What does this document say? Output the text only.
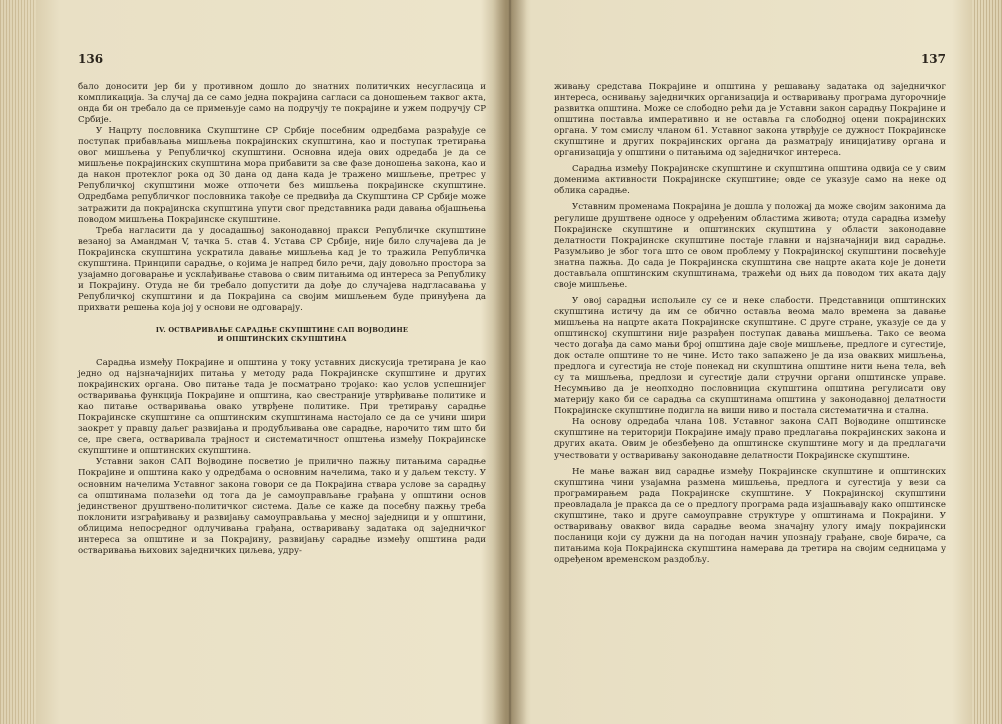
136

бало доносити јер би у противном дошло до знатних политичких несугласица и компликација. За случај да се само једна покрајина сагласи са доношењем таквог акта, онда би он требало да се примењује само на подручју те покрајине и ужем подручју СР Србије.

У Нацрту пословника Скупштине СР Србије посебним одредбама разрађује се поступак прибављања мишљења покрајинских скупштина, као и поступак третирања овог мишљења у Републичкој скупштини. Основна идеја ових одредаба је да се мишљење покрајинских скупштина мора прибавити за све фазе доношења закона, као и да након протеклог рока од 30 дана од дана када је тражено мишљење, претрес у Републичкој скупштини може отпочети без мишљења покрајинске скупштине. Одредбама републичког пословника такође се предвиђа да Скупштина СР Србије може затражити да покрајинска скупштина упути свог представника ради давања објашњења поводом мишљења Покрајинске скупштине.

Треба нагласити да у досадашњој законодавној пракси Републичке скупштине везаној за Амандман V, тачка 5. став 4. Устава СР Србије, није било случајева да је Покрајинска скупштина ускратила давање мишљења кад је то тражила Републичка скупштина. Принципи сарадње, о којима је напред било речи, дају довољно простора за узајамно договарање и усклађивање ставова о свим питањима од интереса за Републику и Покрајину. Отуда не би требало допустити да дође до случајева надгласавања у Републичкој скупштини и да Покрајина са својим мишљењем буде принуђена да прихвати решења која јој у основи не одговарају.

IV. ОСТВАРИВАЊЕ САРАДЊЕ СКУПШТИНЕ САП ВОЈВОДИНЕ
И ОПШТИНСКИХ СКУПШТИНА

Сарадња између Покрајине и општина у току уставних дискусија третирана је као једно од најзначајнијих питања у методу рада Покрајинске скупштине и других покрајинских органа. Ово питање тада је посматрано тројако: као услов успешнијег остваривања функција Покрајине и општина, као свестраније утврђивање политике и као питање остваривања овако утврђене политике. При третирању сарадње Покрајинске скупштине са општинским скупштинама настојало се да се учини шири заокрет у правцу даљег развијања и продубљивања ове сарадње, нарочито тим што би се, пре свега, остваривала трајност и систематичност општења између Покрајинске скупштине и општинских скупштина.

Уставни закон САП Војводине посветио је прилично пажњу питањима сарадње Покрајине и општина како у одредбама о основним начелима, тако и у даљем тексту. У основним начелима Уставног закона говори се да Покрајина ствара услове за сарадњу са општинама полазећи од тога да је самоуправљање грађана у општини основ јединственог друштвено-политичког система. Даље се каже да посебну пажњу треба поклонити изграђивању и развијању самоуправљања у месној заједници и у општини, облицима непосредног одлучивања грађана, остваривању задатака од заједничког интереса за општине и за Покрајину, развијању сарадње између општина ради остваривања њихових заједничких циљева, удру-

137

живању средстава Покрајине и општина у решавању задатака од заједничког интереса, оснивању заједничких организација и остваривању програма дугорочније развитка општина. Може се слободно рећи да је Уставни закон сарадњу Покрајине и општина постављa императивно и не оставља га слободној оцени покрајинских органа. У том смислу чланом 61. Уставног закона утврђује се дужност Покрајинске скупштине и других покрајинских органа да разматрају иницијативу органа и организација у општини о питањима од заједничког интереса.

Сарадња између Покрајинске скупштине и скупштина општина одвија се у свим доменима активности Покрајинске скупштине; овде се указује само на неке од облика сарадње.

Уставним променама Покрајина је дошла у положај да може својим законима да регулише друштвене односе у одређеним областима живота; отуда сарадња између Покрајинске скупштине и општинских скупштина у области законодавне делатности Покрајинске скупштине постаје главни и најзначајнији вид сарадње. Разумљиво је због тога што се овом проблему у Покрајинској скупштини посвећује знатна пажња. До сада је Покрајинска скупштина све нацрте аката које је донети достављала општинским скупштинама, тражећи од њих да поводом тих аката дају своје мишљење.

У овој сарадњи испољиле су се и неке слабости. Представници општинских скупштина истичу да им се обично оставља веома мало времена за давање мишљења на нацрте аката Покрајинске скупштине. С друге стране, указује се да у општинској скупштини није разрађен поступак давања мишљења. Тако се веома често догађа да само мањи број општина даје своје мишљење, предлоге и сугестије, док остале општине то не чине. Исто тако запажено је да иза оваквих мишљења, предлога и сугестија не стоје понекад ни скупштина општине нити њена тела, већ су та мишљења, предлози и сугестије дали стручни органи општинске управе. Несумњиво да је неопходно пословнициа скупштина општина регулисати ову материју како би се сарадња са скупштинама општина у законодавној делатности Покрајинске скупштине подигла на виши ниво и постала систематична и стална.

На основу одредаба члана 108. Уставног закона САП Војводине општинске скупштине на територији Покрајине имају право предлагања покрајинских закона и других аката. Овим је обезбеђено да општинске скупштине могу и да предлагачи учествовати у остваривању законодавне делатности Покрајинске скупштине.

Не мање важан вид сарадње између Покрајинске скупштине и општинских скупштина чини узајамна размена мишљења, предлога и сугестија у вези са програмирањем рада Покрајинске скупштине. У Покрајинској скупштини преовладала је пракса да се о предлогу програма рада изјашњавају како општинске скупштине, тако и друге самоуправне структуре у општинама и Покрајини. У остваривању оваквог вида сарадње веома значајну улогу имају покрајински посланици који су дужни да на погодан начин упознају грађане, своје бираче, са питањима која Покрајинска скупштина намерава да третира на својим седницама у одређеном временском раздобљу.
